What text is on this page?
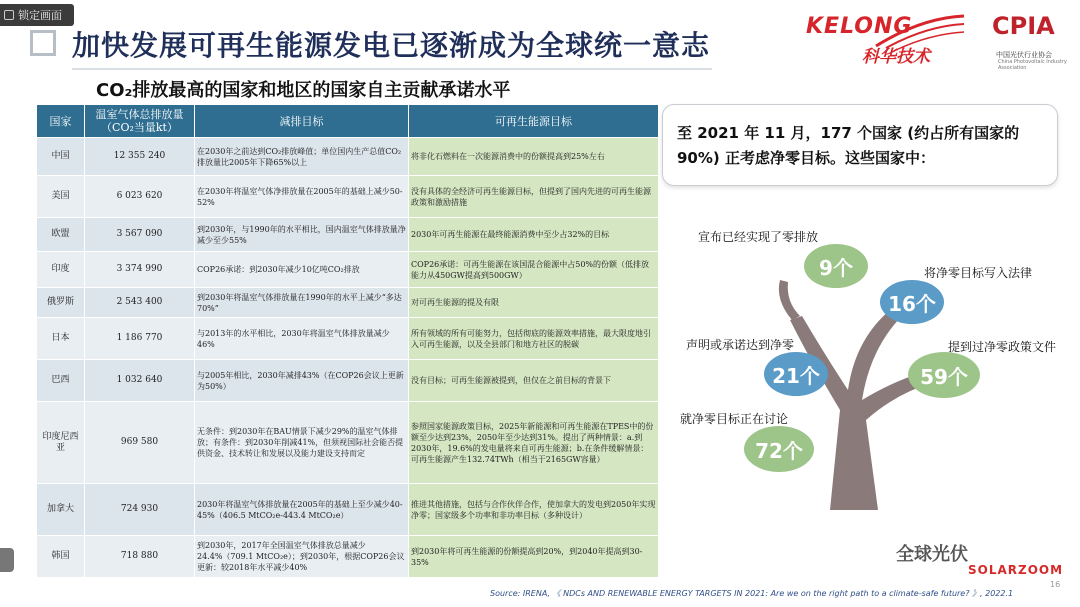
锁定画面
加快发展可再生能源发电已逐渐成为全球统一意志
KELONG
科华技术
CPIA
中国光伏行业协会
China Photovoltaic Industry Association
CO₂排放最高的国家和地区的国家自主贡献承诺水平
国家	温室气体总排放量（CO₂当量kt）	减排目标	可再生能源目标
中国	12 355 240	在2030年之前达到CO₂排放峰值；单位国内生产总值CO₂排放量比2005年下降65%以上	将非化石燃料在一次能源消费中的份额提高到25%左右
美国	6 023 620	在2030年将温室气体净排放量在2005年的基础上减少50-52%	没有具体的全经济可再生能源目标，但提到了国内先进的可再生能源政策和激励措施
欧盟	3 567 090	到2030年，与1990年的水平相比，国内温室气体排放量净减少至少55%	2030年可再生能源在最终能源消费中至少占32%的目标
印度	3 374 990	COP26承诺：到2030年减少10亿吨CO₂排放	COP26承诺：可再生能源在该国混合能源中占50%的份额（低排放能力从450GW提高到500GW）
俄罗斯	2 543 400	到2030年将温室气体排放量在1990年的水平上减少“多达70%”	对可再生能源的提及有限
日本	1 186 770	与2013年的水平相比，2030年将温室气体排放量减少46%	所有领域的所有可能努力，包括彻底的能源效率措施，最大限度地引入可再生能源，以及全县部门和地方社区的脱碳
巴西	1 032 640	与2005年相比，2030年减排43%（在COP26会议上更新为50%）	没有目标；可再生能源被提到，但仅在之前目标的背景下
印度尼西亚	969 580	无条件：到2030年在BAU情景下减少29%的温室气体排放；有条件：到2030年削减41%，但须视国际社会能否提供资金、技术转让和发展以及能力建设支持而定	参照国家能源政策目标，2025年新能源和可再生能源在TPES中的份额至少达到23%，2050年至少达到31%。提出了两种情景：a.到2030年，19.6%的发电量将来自可再生能源；b.在条件缓解情景：可再生能源产生132.74TWh（相当于2165GW容量）
加拿大	724 930	2030年将温室气体排放量在2005年的基础上至少减少40-45%（406.5 MtCO₂e-443.4 MtCO₂e）	推进其他措施，包括与合作伙伴合作，使加拿大的发电到2050年实现净零；国家级多个功率和非功率目标（多种设计）
韩国	718 880	到2030年，2017年全国温室气体排放总量减少24.4%（709.1 MtCO₂e）；到2030年，根据COP26会议更新：较2018年水平减少40%	到2030年将可再生能源的份额提高到20%，到2040年提高到30-35%
至 2021 年 11 月，177 个国家 (约占所有国家的 90%) 正考虑净零目标。这些国家中：
宣布已经实现了零排放
9个	将净零目标写入法律
16个
声明或承诺达到净零
21个
提到过净零政策文件
59个
就净零目标正在讨论
72个
全球光伏
SOLARZOOM
Source: IRENA, 《 NDCs AND RENEWABLE ENERGY TARGETS IN 2021: Are we on the right path to a climate-safe future? 》, 2022.1
16
